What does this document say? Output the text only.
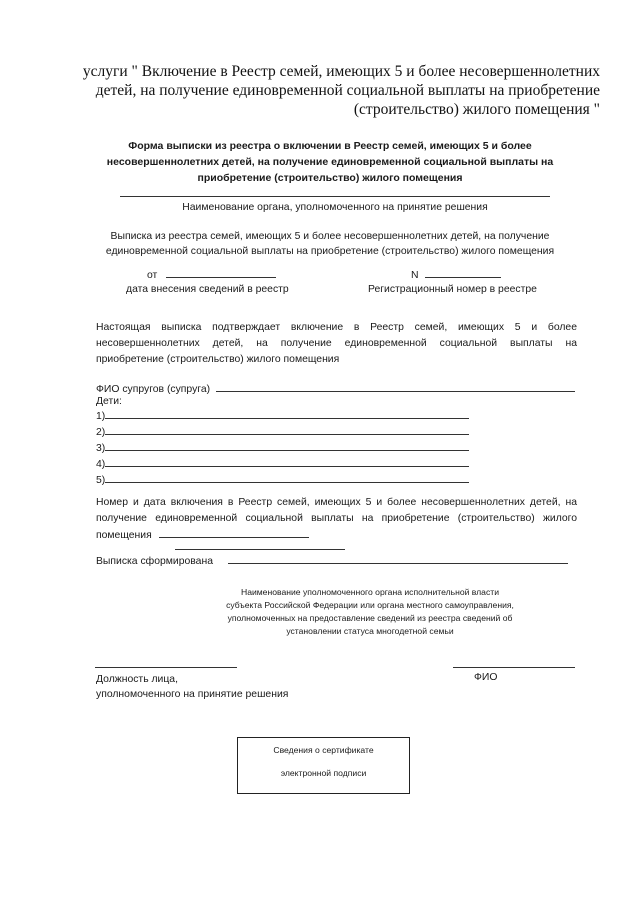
услуги " Включение в Реестр семей, имеющих 5 и более несовершеннолетних
детей, на получение единовременной социальной выплаты на приобретение
(строительство) жилого помещения "
Форма выписки из реестра о включении в Реестр семей, имеющих 5 и более
несовершеннолетних детей, на получение единовременной социальной выплаты на
приобретение (строительство) жилого помещения
Наименование органа, уполномоченного на принятие решения
Выписка из реестра семей, имеющих 5 и более несовершеннолетних детей, на получение
единовременной социальной выплаты на приобретение (строительство) жилого помещения
от
дата внесения сведений в реестр
N
Регистрационный номер в реестре
Настоящая выписка подтверждает включение в Реестр семей, имеющих 5 и более
несовершеннолетних детей, на получение единовременной социальной выплаты на
приобретение (строительство) жилого помещения
ФИО супругов (супруга)
Дети:
1)
2)
3)
4)
5)
Номер и дата включения в Реестр семей, имеющих 5 и более несовершеннолетних детей, на
получение единовременной социальной выплаты на приобретение (строительство) жилого
помещения
Выписка сформирована
Наименование уполномоченного органа исполнительной власти
субъекта Российской Федерации или органа местного самоуправления,
уполномоченных на предоставление сведений из реестра сведений об
установлении статуса многодетной семьи
Должность лица,
уполномоченного на принятие решения
ФИО
Сведения о сертификате
электронной подписи
